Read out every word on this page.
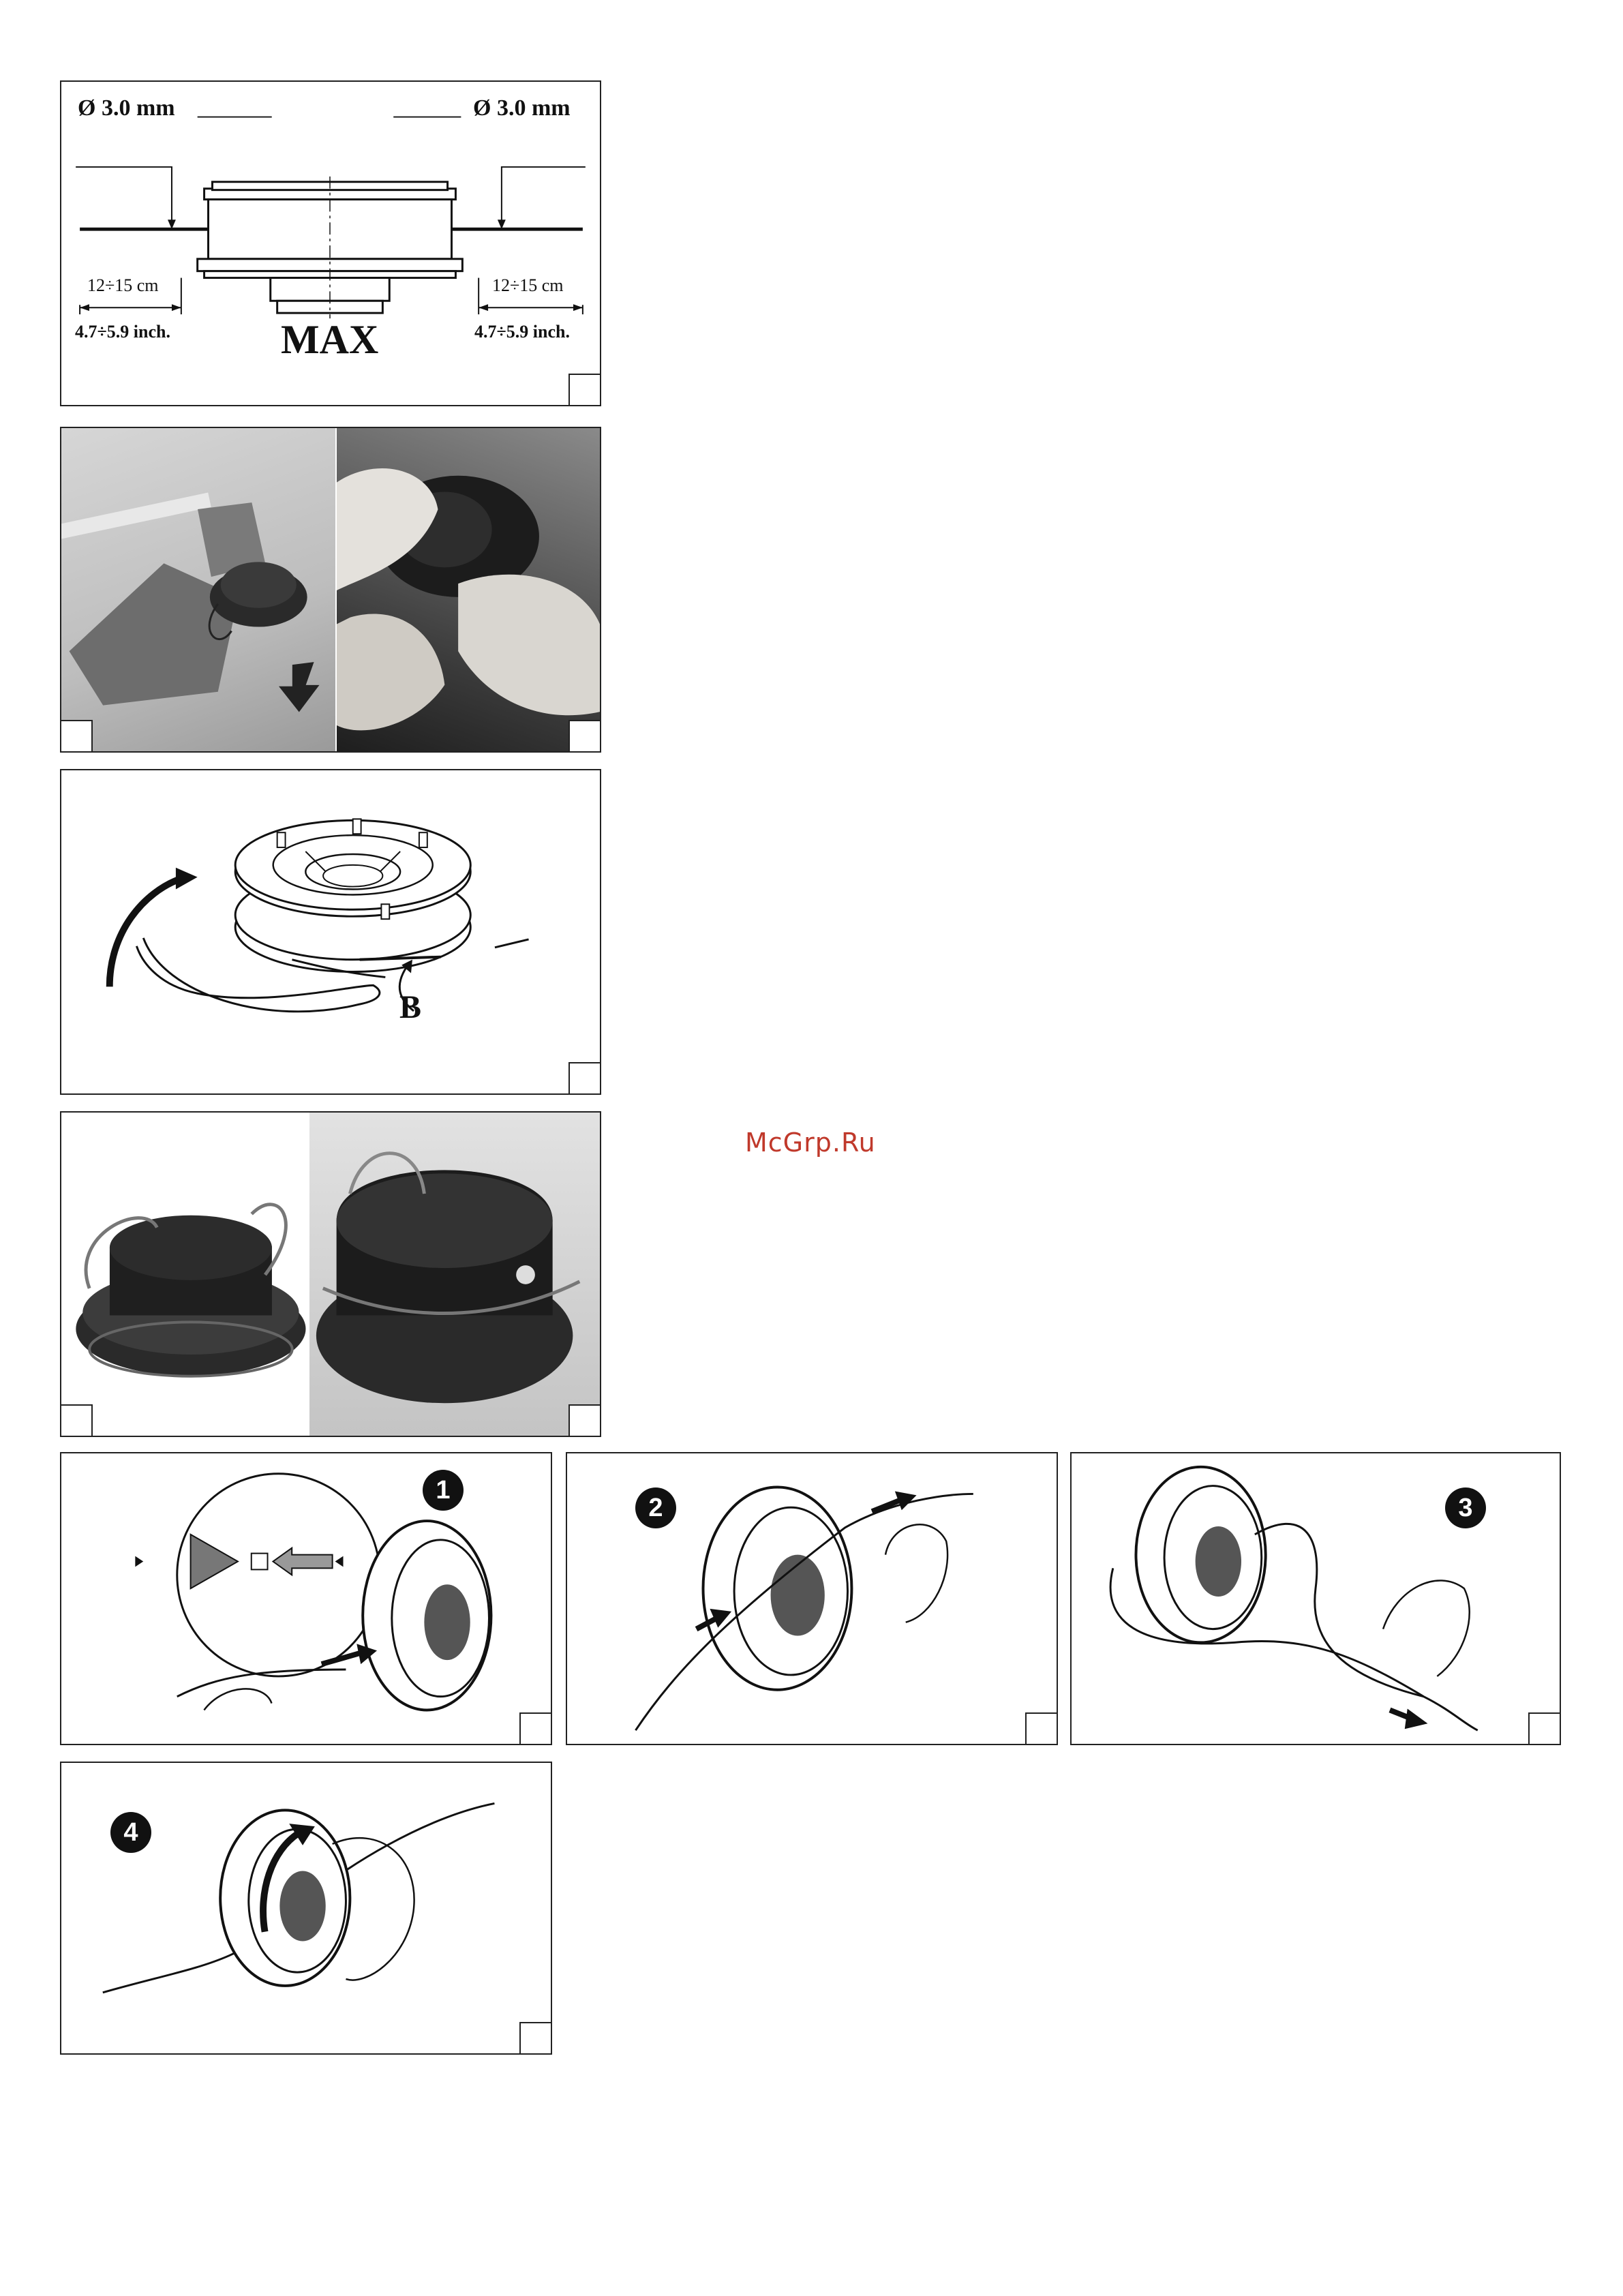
Ø 3.0 mm	Ø 3.0 mm
12÷15 cm	12÷15 cm
4.7÷5.9 inch.	4.7÷5.9 inch.
MAX
B
McGrp.Ru
1
2	3
4
